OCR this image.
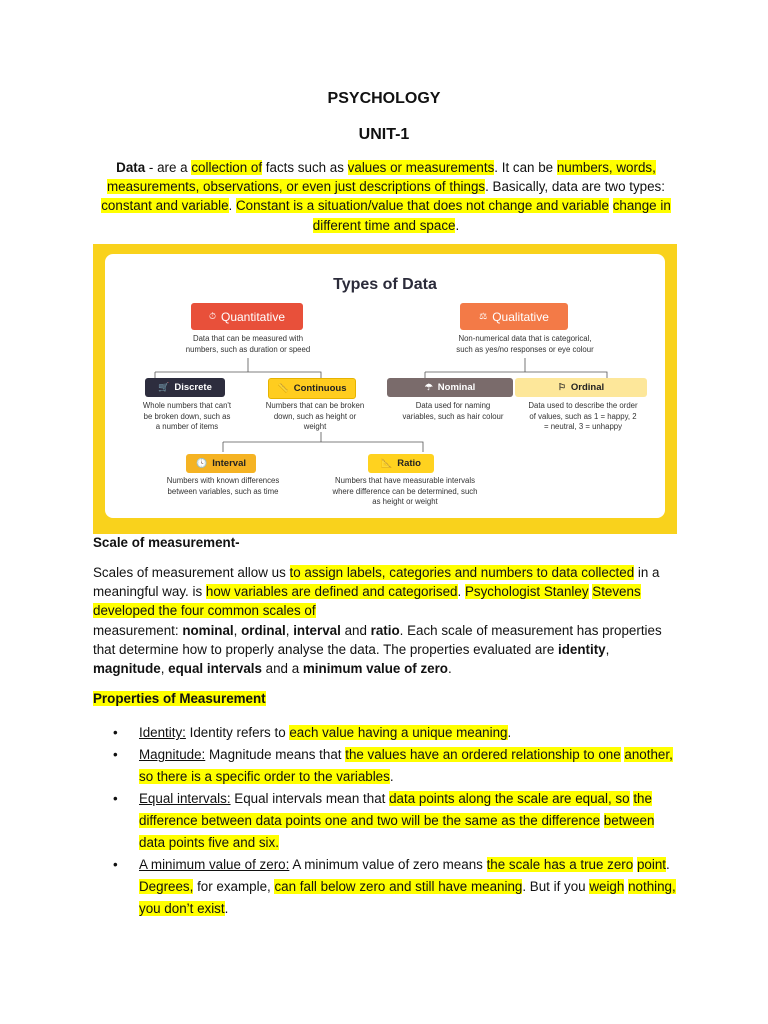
PSYCHOLOGY
UNIT-1
Data - are a collection of facts such as values or measurements. It can be numbers, words, measurements, observations, or even just descriptions of things. Basically, data are two types: constant and variable. Constant is a situation/value that does not change and variable change in different time and space.
Types of Data
⏱ Quantitative
Data that can be measured with
numbers, such as duration or speed
⚖ Qualitative
Non-numerical data that is categorical,
such as yes/no responses or eye colour
🛒 Discrete
Whole numbers that can't
be broken down, such as
a number of items
📏 Continuous
Numbers that can be broken
down, such as height or
weight
☂ Nominal
Data used for naming
variables, such as hair colour
⚐ Ordinal
Data used to describe the order
of values, such as 1 = happy, 2
= neutral, 3 = unhappy
🕓 Interval
Numbers with known differences
between variables, such as time
📐 Ratio
Numbers that have measurable intervals
where difference can be determined, such
as height or weight
Scale of measurement-
Scales of measurement allow us to assign labels, categories and numbers to data collected in a meaningful way. is how variables are defined and categorised. Psychologist Stanley Stevens developed the four common scales of
measurement: nominal, ordinal, interval and ratio. Each scale of measurement has properties that determine how to properly analyse the data. The properties evaluated are identity, magnitude, equal intervals and a minimum value of zero.
Properties of Measurement
• Identity: Identity refers to each value having a unique meaning.
• Magnitude: Magnitude means that the values have an ordered relationship to one another, so there is a specific order to the variables.
• Equal intervals: Equal intervals mean that data points along the scale are equal, so the difference between data points one and two will be the same as the difference between data points five and six.
• A minimum value of zero: A minimum value of zero means the scale has a true zero point. Degrees, for example, can fall below zero and still have meaning. But if you weigh nothing, you don’t exist.
